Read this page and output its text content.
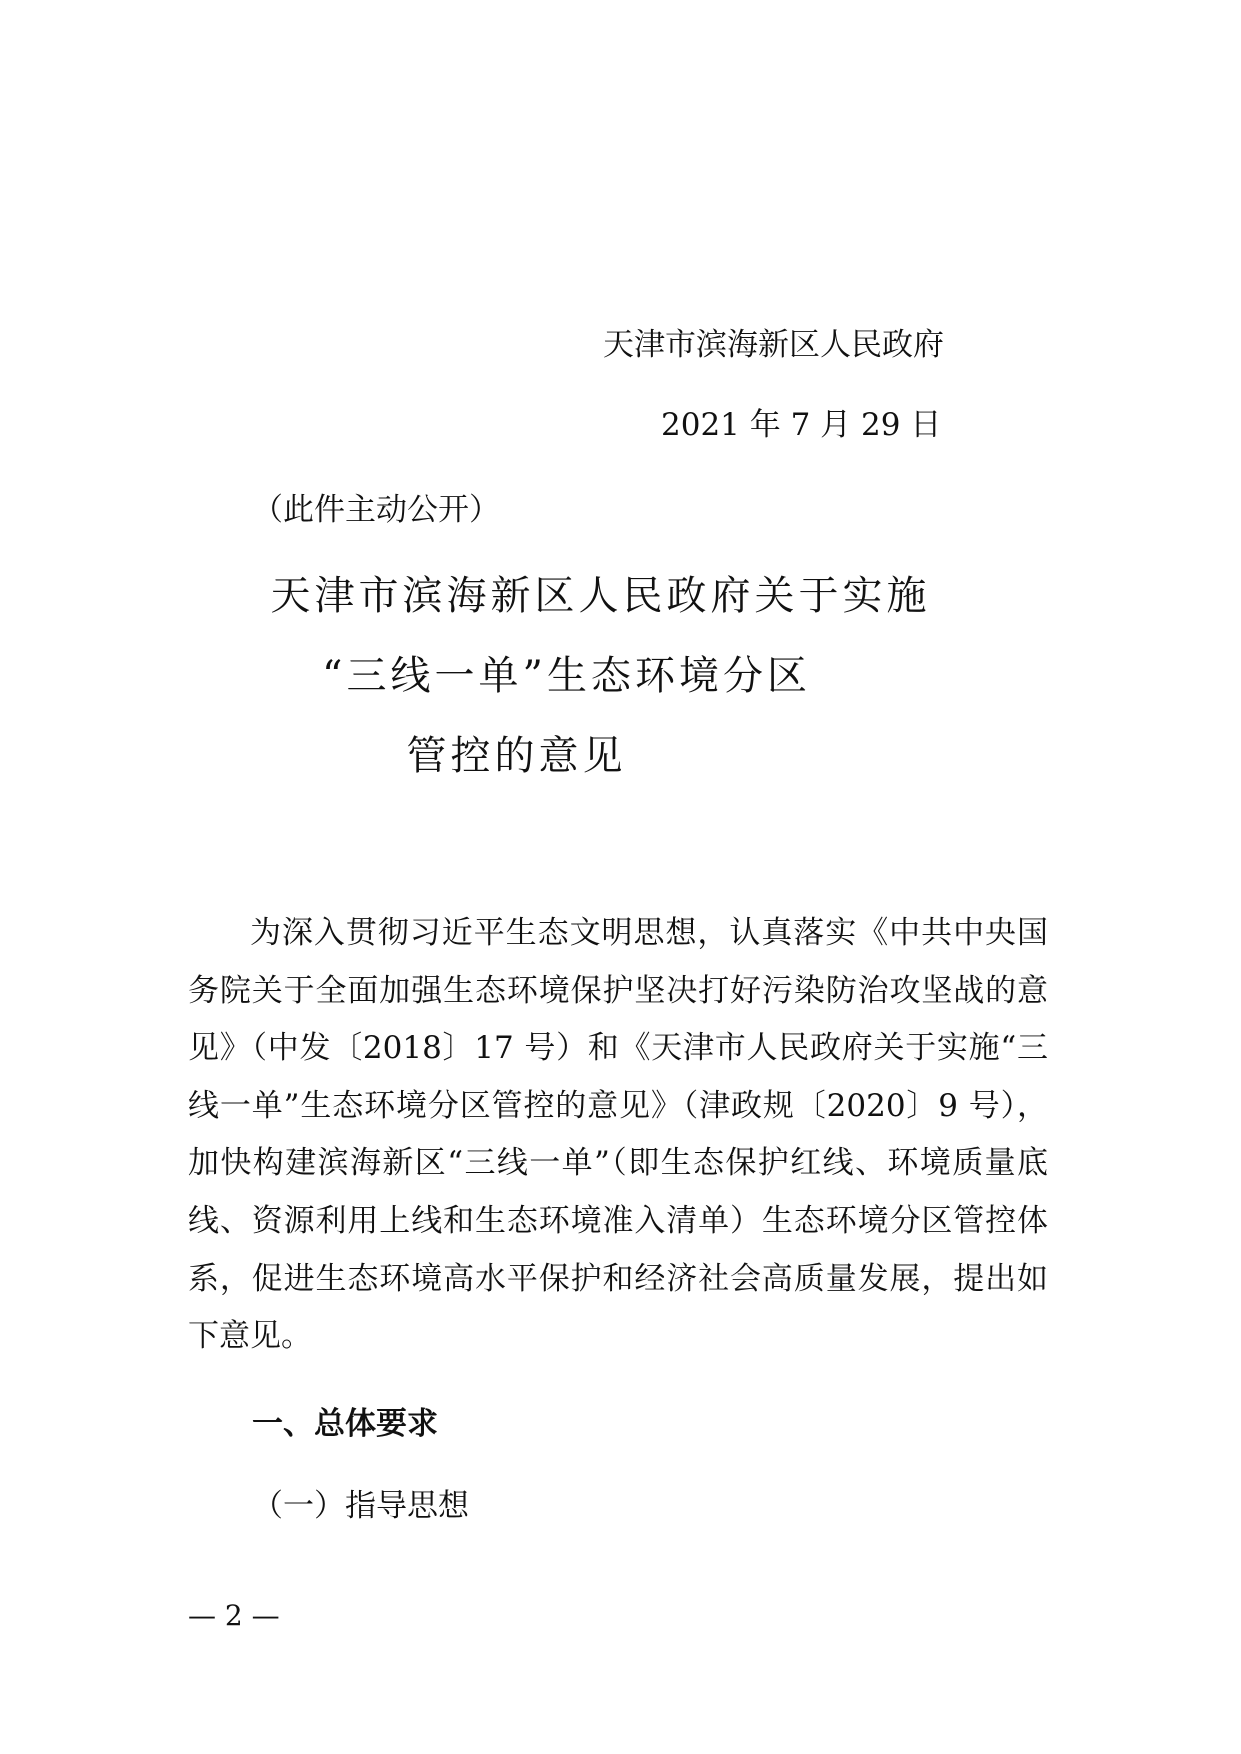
天津市滨海新区人民政府
2021 年 7 月 29 日
（此件主动公开）
天津市滨海新区人民政府关于实施
“三线一单”生态环境分区
管控的意见

为深入贯彻习近平生态文明思想，认真落实《中共中央国务院关于全面加强生态环境保护坚决打好污染防治攻坚战的意见》（中发〔2018〕17 号）和《天津市人民政府关于实施“三线一单”生态环境分区管控的意见》（津政规〔2020〕9 号），加快构建滨海新区“三线一单”（即生态保护红线、环境质量底线、资源利用上线和生态环境准入清单）生态环境分区管控体系，促进生态环境高水平保护和经济社会高质量发展，提出如下意见。

一、总体要求
（一）指导思想
— 2 —
